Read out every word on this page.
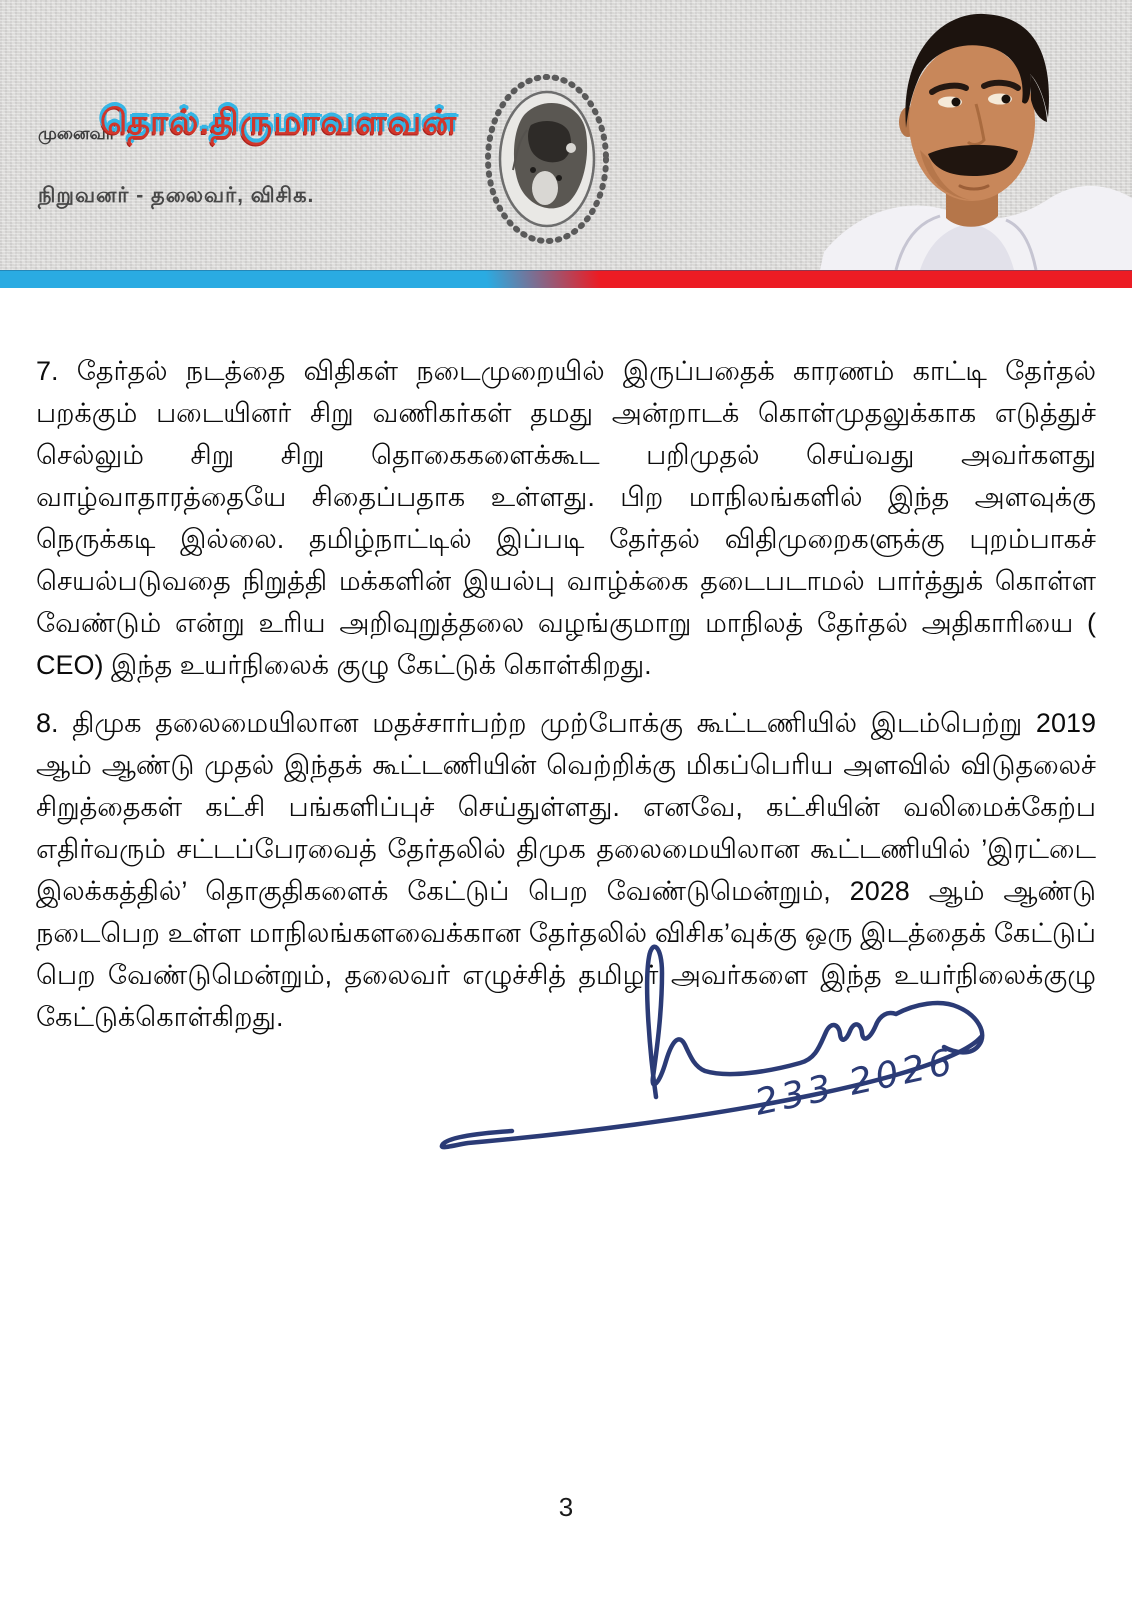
முனைவர்
தொல்.திருமாவளவன்
நிறுவனர் - தலைவர், விசிக.

7. தேர்தல் நடத்தை விதிகள் நடைமுறையில் இருப்பதைக் காரணம் காட்டி தேர்தல் பறக்கும் படையினர் சிறு வணிகர்கள் தமது அன்றாடக் கொள்முதலுக்காக எடுத்துச் செல்லும் சிறு சிறு தொகைகளைக்கூட பறிமுதல் செய்வது அவர்களது வாழ்வாதாரத்தையே சிதைப்பதாக உள்ளது. பிற மாநிலங்களில் இந்த அளவுக்கு நெருக்கடி இல்லை. தமிழ்நாட்டில் இப்படி தேர்தல் விதிமுறைகளுக்கு புறம்பாகச் செயல்படுவதை நிறுத்தி மக்களின் இயல்பு வாழ்க்கை தடைபடாமல் பார்த்துக் கொள்ள வேண்டும் என்று உரிய அறிவுறுத்தலை வழங்குமாறு மாநிலத் தேர்தல் அதிகாரியை ( CEO) இந்த உயர்நிலைக் குழு கேட்டுக் கொள்கிறது.

8. திமுக தலைமையிலான மதச்சார்பற்ற முற்போக்கு கூட்டணியில் இடம்பெற்று 2019 ஆம் ஆண்டு முதல் இந்தக் கூட்டணியின் வெற்றிக்கு மிகப்பெரிய அளவில் விடுதலைச் சிறுத்தைகள் கட்சி பங்களிப்புச் செய்துள்ளது. எனவே, கட்சியின் வலிமைக்கேற்ப எதிர்வரும் சட்டப்பேரவைத் தேர்தலில் திமுக தலைமையிலான கூட்டணியில் ’இரட்டை இலக்கத்தில்’ தொகுதிகளைக் கேட்டுப் பெற வேண்டுமென்றும், 2028 ஆம் ஆண்டு நடைபெற உள்ள மாநிலங்களவைக்கான தேர்தலில் விசிக’வுக்கு ஒரு இடத்தைக் கேட்டுப் பெற வேண்டுமென்றும், தலைவர் எழுச்சித் தமிழர் அவர்களை இந்த உயர்நிலைக்குழு கேட்டுக்கொள்கிறது.

233 2026
3
